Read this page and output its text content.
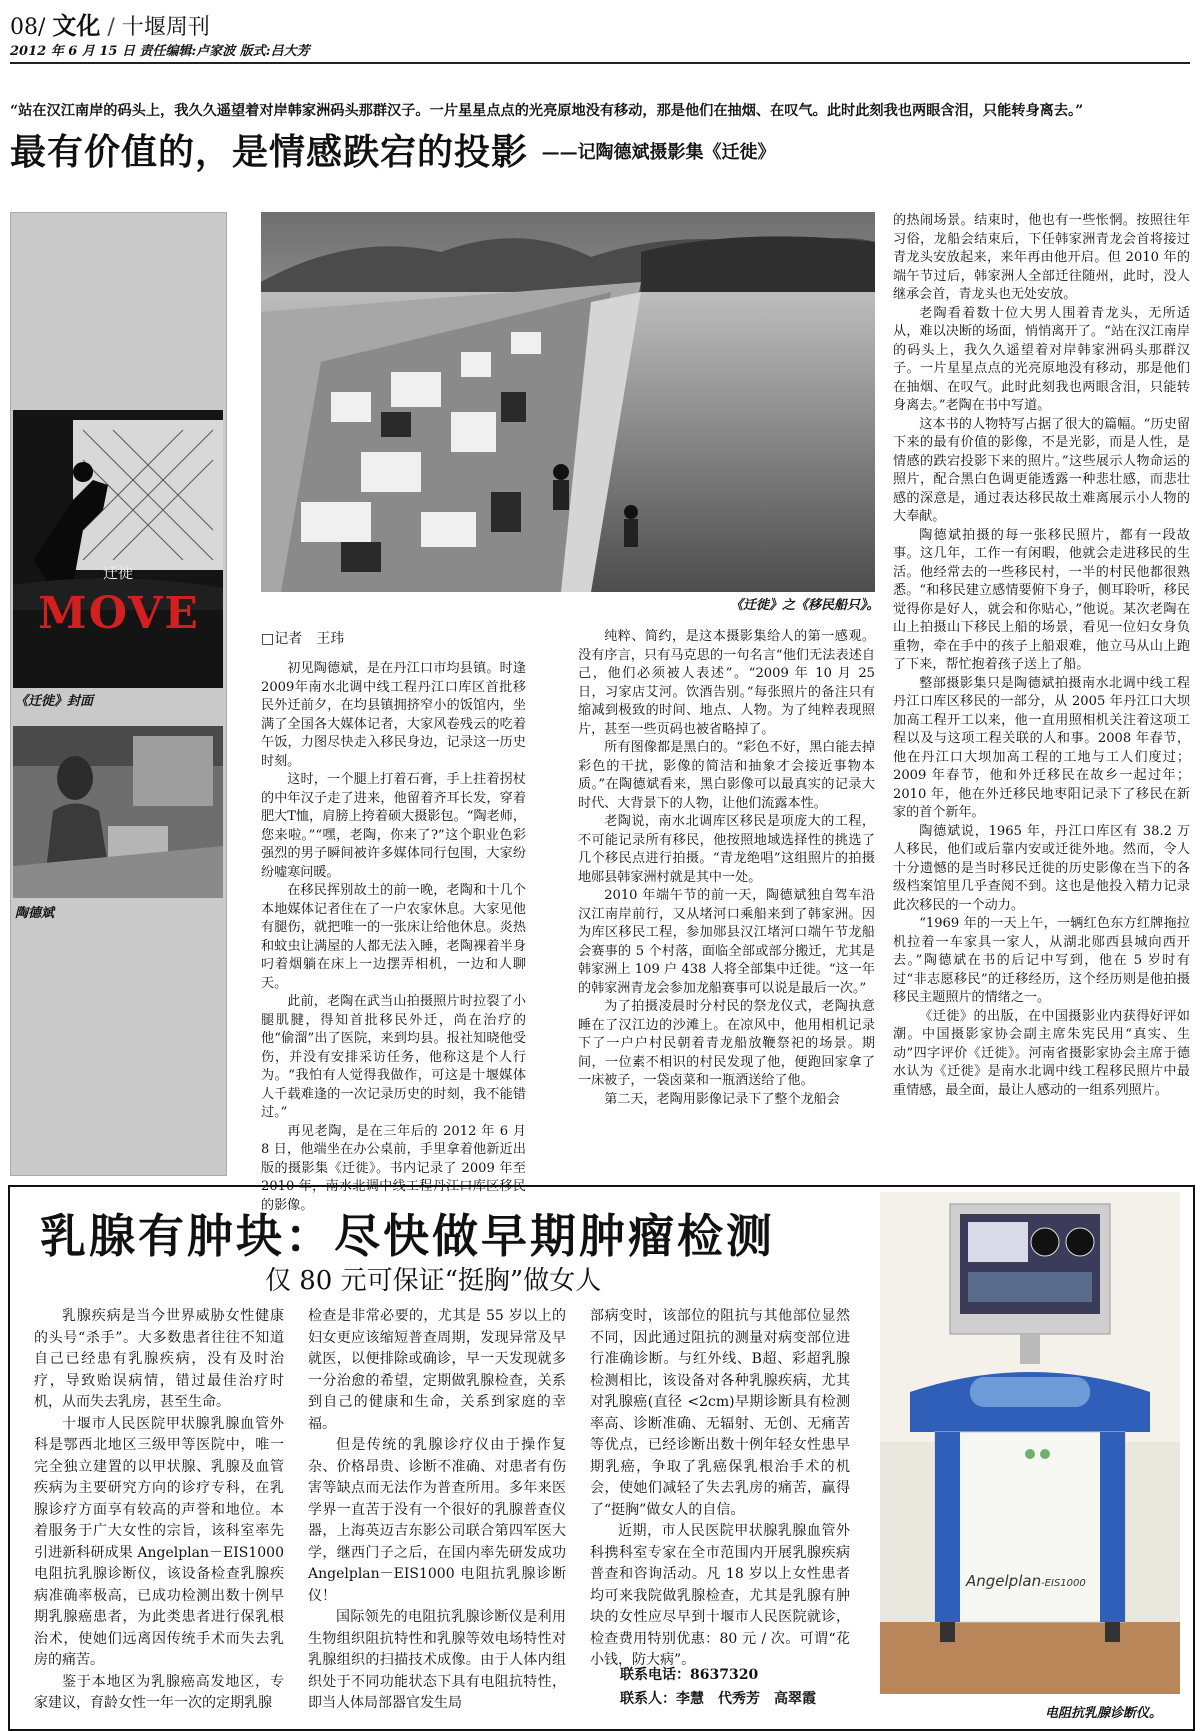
08/ 文化 / 十堰周刊
2012 年 6 月 15 日 责任编辑:卢家波 版式:吕大芳
“站在汉江南岸的码头上，我久久遥望着对岸韩家洲码头那群汉子。一片星星点点的光亮原地没有移动，那是他们在抽烟、在叹气。此时此刻我也两眼含泪，只能转身离去。”
最有价值的，是情感跌宕的投影 $^{——记陶德斌摄影集《迁徙》}$
迁徙
MOVE
《迁徙》封面
陶德斌
《迁徙》之《移民船只》。
□记者　王玮

初见陶德斌，是在丹江口市均县镇。时逢2009年南水北调中线工程丹江口库区首批移民外迁前夕，在均县镇拥挤窄小的饭馆内，坐满了全国各大媒体记者，大家风卷残云的吃着午饭，力图尽快走入移民身边，记录这一历史时刻。

这时，一个腿上打着石膏，手上拄着拐杖的中年汉子走了进来，他留着齐耳长发，穿着肥大T恤，肩膀上挎着硕大摄影包。“陶老师，您来啦。”“嘿，老陶，你来了?”这个职业色彩强烈的男子瞬间被许多媒体同行包围，大家纷纷嘘寒问暖。

在移民挥别故土的前一晚，老陶和十几个本地媒体记者住在了一户农家休息。大家见他有腿伤，就把唯一的一张床让给他休息。炎热和蚊虫让满屋的人都无法入睡，老陶裸着半身叼着烟躺在床上一边摆弄相机，一边和人聊天。

此前，老陶在武当山拍摄照片时拉裂了小腿肌腱，得知首批移民外迁，尚在治疗的他“偷溜”出了医院，来到均县。报社知晓他受伤，并没有安排采访任务，他称这是个人行为。“我怕有人觉得我做作，可这是十堰媒体人千载难逢的一次记录历史的时刻，我不能错过。”

再见老陶，是在三年后的 2012 年 6 月 8 日，他端坐在办公桌前，手里拿着他新近出版的摄影集《迁徙》。书内记录了 2009 年至 2010 年，南水北调中线工程丹江口库区移民的影像。

纯粹、简约，是这本摄影集给人的第一感观。没有序言，只有马克思的一句名言“他们无法表述自己，他们必须被人表述”。“2009 年 10 月 25 日，习家店艾河。饮酒告别。”每张照片的备注只有缩减到极致的时间、地点、人物。为了纯粹表现照片，甚至一些页码也被省略掉了。

所有图像都是黑白的。“彩色不好，黑白能去掉彩色的干扰，影像的简洁和抽象才会接近事物本质。”在陶德斌看来，黑白影像可以最真实的记录大时代、大背景下的人物，让他们流露本性。

老陶说，南水北调库区移民是项庞大的工程，不可能记录所有移民，他按照地域选择性的挑选了几个移民点进行拍摄。“青龙绝唱”这组照片的拍摄地郧县韩家洲村就是其中一处。

2010 年端午节的前一天，陶德斌独自驾车沿汉江南岸前行，又从堵河口乘船来到了韩家洲。因为库区移民工程，参加郧县汉江堵河口端午节龙船会赛事的 5 个村落，面临全部或部分搬迁，尤其是韩家洲上 109 户 438 人将全部集中迁徙。“这一年的韩家洲青龙会参加龙船赛事可以说是最后一次。”

为了拍摄凌晨时分村民的祭龙仪式，老陶执意睡在了汉江边的沙滩上。在凉风中，他用相机记录下了一户户村民朝着青龙船放鞭祭祀的场景。期间，一位素不相识的村民发现了他，便跑回家拿了一床被子，一袋卤菜和一瓶酒送给了他。

第二天，老陶用影像记录下了整个龙船会

的热闹场景。结束时，他也有一些怅惘。按照往年习俗，龙船会结束后，下任韩家洲青龙会首将接过青龙头安放起来，来年再由他开启。但 2010 年的端午节过后，韩家洲人全部迁往随州，此时，没人继承会首，青龙头也无处安放。

老陶看着数十位大男人围着青龙头，无所适从，难以决断的场面，悄悄离开了。“站在汉江南岸的码头上，我久久遥望着对岸韩家洲码头那群汉子。一片星星点点的光亮原地没有移动，那是他们在抽烟、在叹气。此时此刻我也两眼含泪，只能转身离去。”老陶在书中写道。

这本书的人物特写占据了很大的篇幅。“历史留下来的最有价值的影像，不是光影，而是人性，是情感的跌宕投影下来的照片。”这些展示人物命运的照片，配合黑白色调更能透露一种悲壮感，而悲壮感的深意是，通过表达移民故土难离展示小人物的大奉献。

陶德斌拍摄的每一张移民照片，都有一段故事。这几年，工作一有闲暇，他就会走进移民的生活。他经常去的一些移民村，一半的村民他都很熟悉。“和移民建立感情要俯下身子，侧耳聆听，移民觉得你是好人，就会和你贴心，”他说。某次老陶在山上拍摄山下移民上船的场景，看见一位妇女身负重物，牵在手中的孩子上船艰难，他立马从山上跑了下来，帮忙抱着孩子送上了船。

整部摄影集只是陶德斌拍摄南水北调中线工程丹江口库区移民的一部分，从 2005 年丹江口大坝加高工程开工以来，他一直用照相机关注着这项工程以及与这项工程关联的人和事。2008 年春节，他在丹江口大坝加高工程的工地与工人们度过；2009 年春节，他和外迁移民在故乡一起过年；2010 年，他在外迁移民地枣阳记录下了移民在新家的首个新年。

陶德斌说，1965 年，丹江口库区有 38.2 万人移民，他们或后靠内安或迁徙外地。然而，令人十分遗憾的是当时移民迁徙的历史影像在当下的各级档案馆里几乎查阅不到。这也是他投入精力记录此次移民的一个动力。

“1969 年的一天上午，一辆红色东方红牌拖拉机拉着一车家具一家人，从湖北郧西县城向西开去。”陶德斌在书的后记中写到，他在 5 岁时有过“非志愿移民”的迁移经历，这个经历则是他拍摄移民主题照片的情绪之一。

《迁徙》的出版，在中国摄影业内获得好评如潮。中国摄影家协会副主席朱宪民用“真实、生动”四字评价《迁徙》。河南省摄影家协会主席于德水认为《迁徙》是南水北调中线工程移民照片中最重情感，最全面，最让人感动的一组系列照片。

乳腺有肿块：尽快做早期肿瘤检测
仅 80 元可保证“挺胸”做女人

乳腺疾病是当今世界威胁女性健康的头号“杀手”。大多数患者往往不知道自己已经患有乳腺疾病，没有及时治疗，导致贻误病情，错过最佳治疗时机，从而失去乳房，甚至生命。

十堰市人民医院甲状腺乳腺血管外科是鄂西北地区三级甲等医院中，唯一完全独立建置的以甲状腺、乳腺及血管疾病为主要研究方向的诊疗专科，在乳腺诊疗方面享有较高的声誉和地位。本着服务于广大女性的宗旨，该科室率先引进新科研成果 Angelplan－EIS1000 电阻抗乳腺诊断仪，该设备检查乳腺疾病准确率极高，已成功检测出数十例早期乳腺癌患者，为此类患者进行保乳根治术，使她们远离因传统手术而失去乳房的痛苦。

鉴于本地区为乳腺癌高发地区，专家建议，育龄女性一年一次的定期乳腺

检查是非常必要的，尤其是 55 岁以上的妇女更应该缩短普查周期，发现异常及早就医，以便排除或确诊，早一天发现就多一分治愈的希望，定期做乳腺检查，关系到自己的健康和生命，关系到家庭的幸福。

但是传统的乳腺诊疗仪由于操作复杂、价格昂贵、诊断不准确、对患者有伤害等缺点而无法作为普查所用。多年来医学界一直苦于没有一个很好的乳腺普查仪器，上海英迈吉东影公司联合第四军医大学，继西门子之后，在国内率先研发成功 Angelplan－EIS1000 电阻抗乳腺诊断仪！

国际领先的电阻抗乳腺诊断仪是利用生物组织阻抗特性和乳腺等效电场特性对乳腺组织的扫描技术成像。由于人体内组织处于不同功能状态下具有电阻抗特性，即当人体局部器官发生局

部病变时，该部位的阻抗与其他部位显然不同，因此通过阻抗的测量对病变部位进行准确诊断。与红外线、B超、彩超乳腺检测相比，该设备对各种乳腺疾病，尤其对乳腺癌(直径 <2cm)早期诊断具有检测率高、诊断准确、无辐射、无创、无痛苦等优点，已经诊断出数十例年轻女性患早期乳癌，争取了乳癌保乳根治手术的机会，使她们减轻了失去乳房的痛苦，赢得了“挺胸”做女人的自信。

近期，市人民医院甲状腺乳腺血管外科携科室专家在全市范围内开展乳腺疾病普查和咨询活动。凡 18 岁以上女性患者均可来我院做乳腺检查，尤其是乳腺有肿块的女性应尽早到十堰市人民医院就诊，检查费用特别优惠：80 元 / 次。可谓“花小钱，防大病”。

联系电话：8637320
联系人：李慧　代秀芳　高翠霞
Angelplan-EIS1000
电阻抗乳腺诊断仪。
